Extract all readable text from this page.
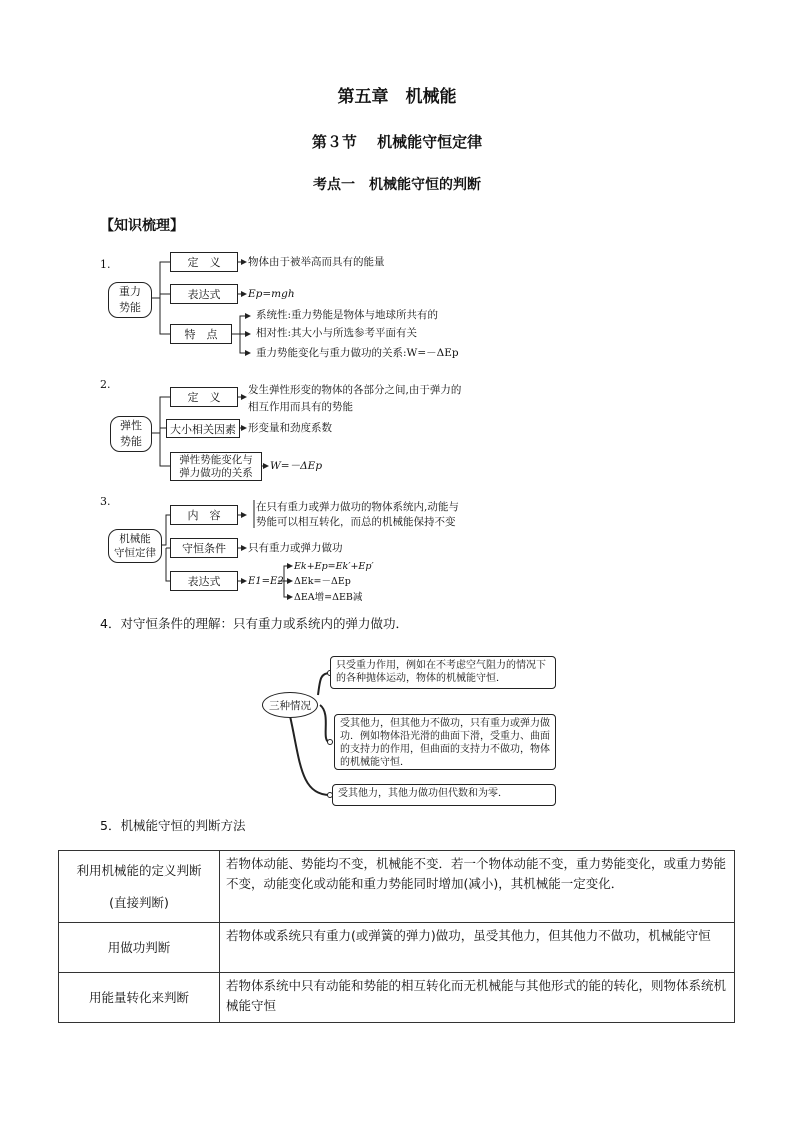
第五章　机械能
第３节　 机械能守恒定律
考点一　机械能守恒的判断
【知识梳理】
1.
重力
势能
定　义
表达式
特　点
物体由于被举高而具有的能量
Ep=mgh
系统性:重力势能是物体与地球所共有的
相对性:其大小与所选参考平面有关
重力势能变化与重力做功的关系:W=－ΔEp
2.
弹性
势能
定　义
大小相关因素
弹性势能变化与
弹力做功的关系
发生弹性形变的物体的各部分之间,由于弹力的
相互作用而具有的势能
形变量和劲度系数
W=－ΔEp
3.
机械能
守恒定律
内　容
守恒条件
表达式
在只有重力或弹力做功的物体系统内,动能与
势能可以相互转化，而总的机械能保持不变
只有重力或弹力做功
E1=E2
Ek+Ep=Ek′+Ep′
ΔEk=－ΔEp
ΔEA增=ΔEB减
4．对守恒条件的理解：只有重力或系统内的弹力做功．
三种情况
只受重力作用，例如在不考虑空气阻力的情况下的各种抛体运动，物体的机械能守恒．
受其他力，但其他力不做功，只有重力或弹力做功．例如物体沿光滑的曲面下滑，受重力、曲面的支持力的作用，但曲面的支持力不做功，物体的机械能守恒．
受其他力，其他力做功但代数和为零．
5．机械能守恒的判断方法
利用机械能的定义判断
(直接判断)	若物体动能、势能均不变，机械能不变．若一个物体动能不变，重力势能变化，或重力势能不变，动能变化或动能和重力势能同时增加(减小)，其机械能一定变化．
用做功判断	若物体或系统只有重力(或弹簧的弹力)做功，虽受其他力，但其他力不做功，机械能守恒
用能量转化来判断	若物体系统中只有动能和势能的相互转化而无机械能与其他形式的能的转化，则物体系统机械能守恒
